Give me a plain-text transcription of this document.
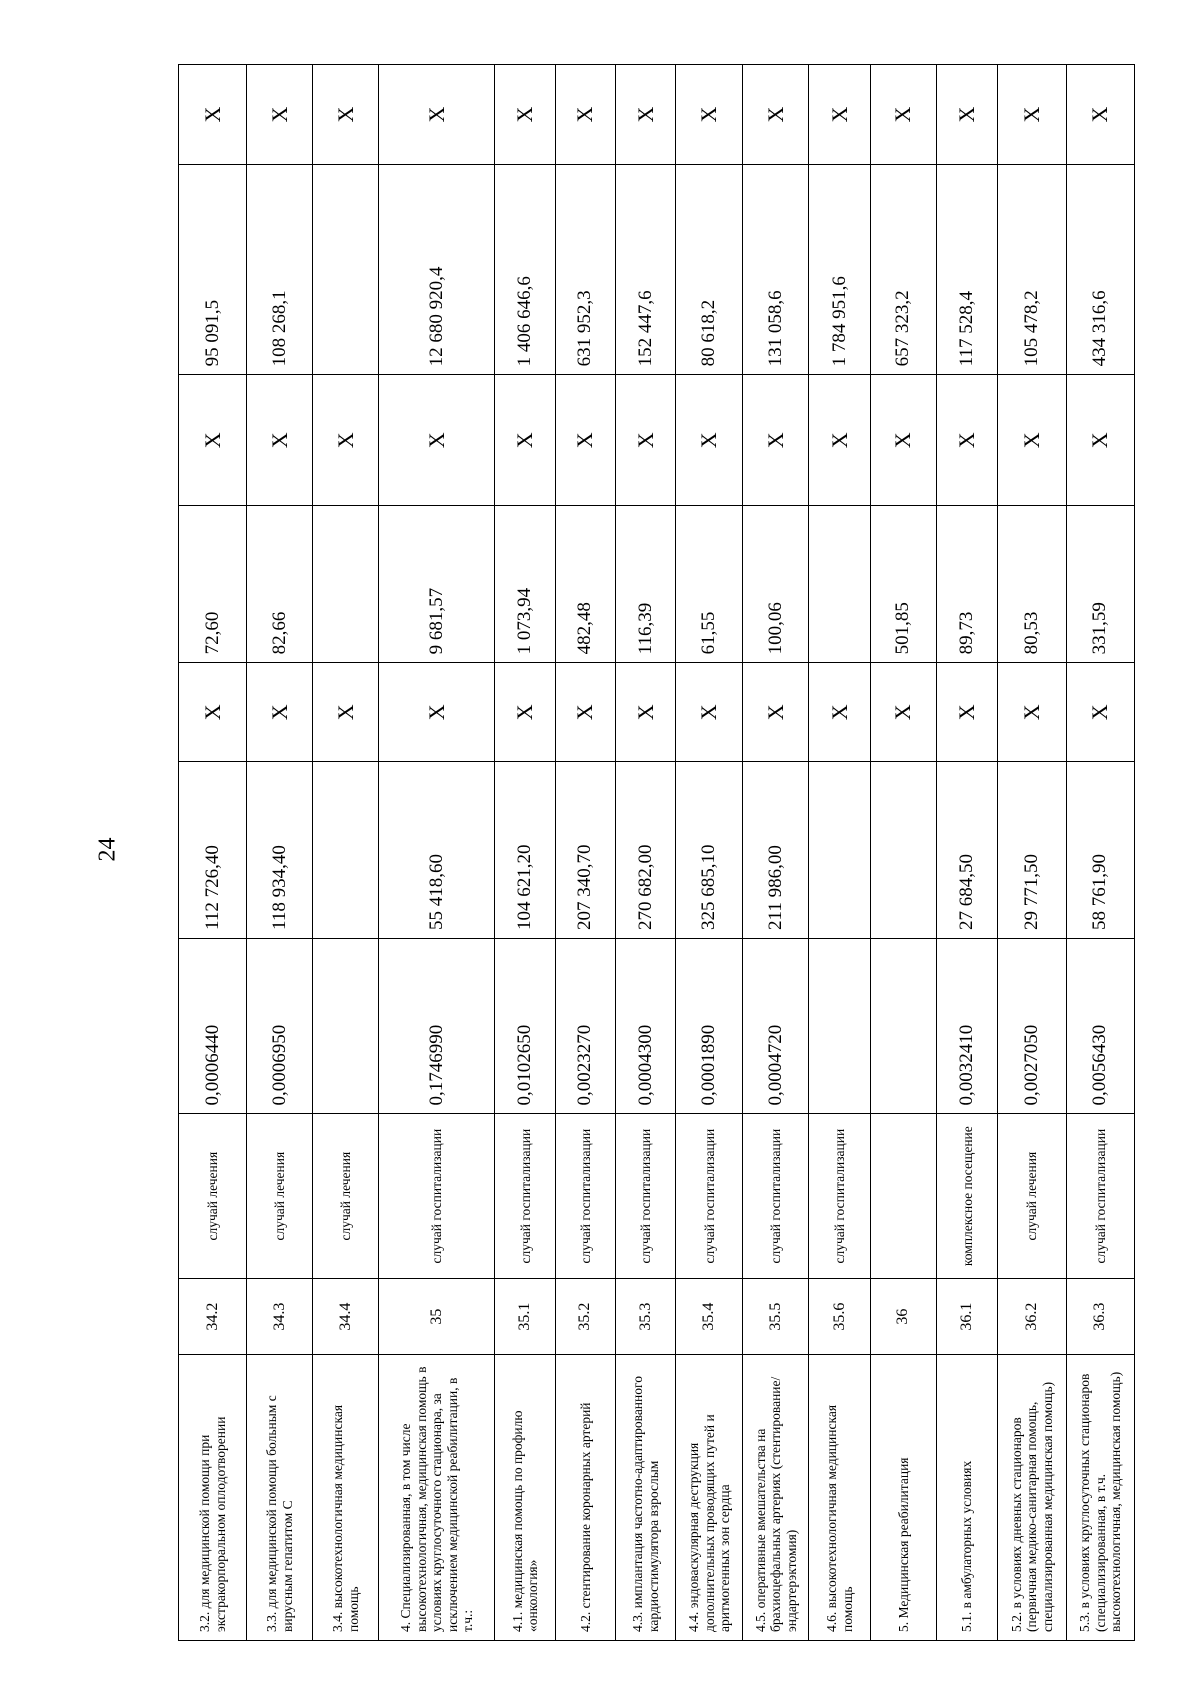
24
3.2. для медицинской помощи при экстракорпоральном оплодотворении	34.2	случай лечения	0,0006440	112 726,40	X	72,60	X	95 091,5	X
3.3. для медицинской помощи больным с вирусным гепатитом С	34.3	случай лечения	0,0006950	118 934,40	X	82,66	X	108 268,1	X
3.4. высокотехнологичная медицинская помощь	34.4	случай лечения			X		X		X
4. Специализированная, в том числе высокотехнологичная, медицинская помощь в условиях круглосуточного стационара, за исключением медицинской реабилитации, в т.ч.:	35	случай госпитализации	0,1746990	55 418,60	X	9 681,57	X	12 680 920,4	X
4.1. медицинская помощь по профилю «онкология»	35.1	случай госпитализации	0,0102650	104 621,20	X	1 073,94	X	1 406 646,6	X
4.2. стентирование коронарных артерий	35.2	случай госпитализации	0,0023270	207 340,70	X	482,48	X	631 952,3	X
4.3. имплантация частотно-адаптированного кардиостимулятора взрослым	35.3	случай госпитализации	0,0004300	270 682,00	X	116,39	X	152 447,6	X
4.4. эндоваскулярная деструкция дополнительных проводящих путей и аритмогенных зон сердца	35.4	случай госпитализации	0,0001890	325 685,10	X	61,55	X	80 618,2	X
4.5. оперативные вмешательства на брахиоцефальных артериях (стентирование/эндартерэктомия)	35.5	случай госпитализации	0,0004720	211 986,00	X	100,06	X	131 058,6	X
4.6. высокотехнологичная медицинская помощь	35.6	случай госпитализации			X		X	1 784 951,6	X
5. Медицинская реабилитация	36				X	501,85	X	657 323,2	X
5.1. в амбулаторных условиях	36.1	комплексное посещение	0,0032410	27 684,50	X	89,73	X	117 528,4	X
5.2. в условиях дневных стационаров (первичная медико-санитарная помощь, специализированная медицинская помощь)	36.2	случай лечения	0,0027050	29 771,50	X	80,53	X	105 478,2	X
5.3. в условиях круглосуточных стационаров (специализированная, в т.ч. высокотехнологичная, медицинская помощь)	36.3	случай госпитализации	0,0056430	58 761,90	X	331,59	X	434 316,6	X
